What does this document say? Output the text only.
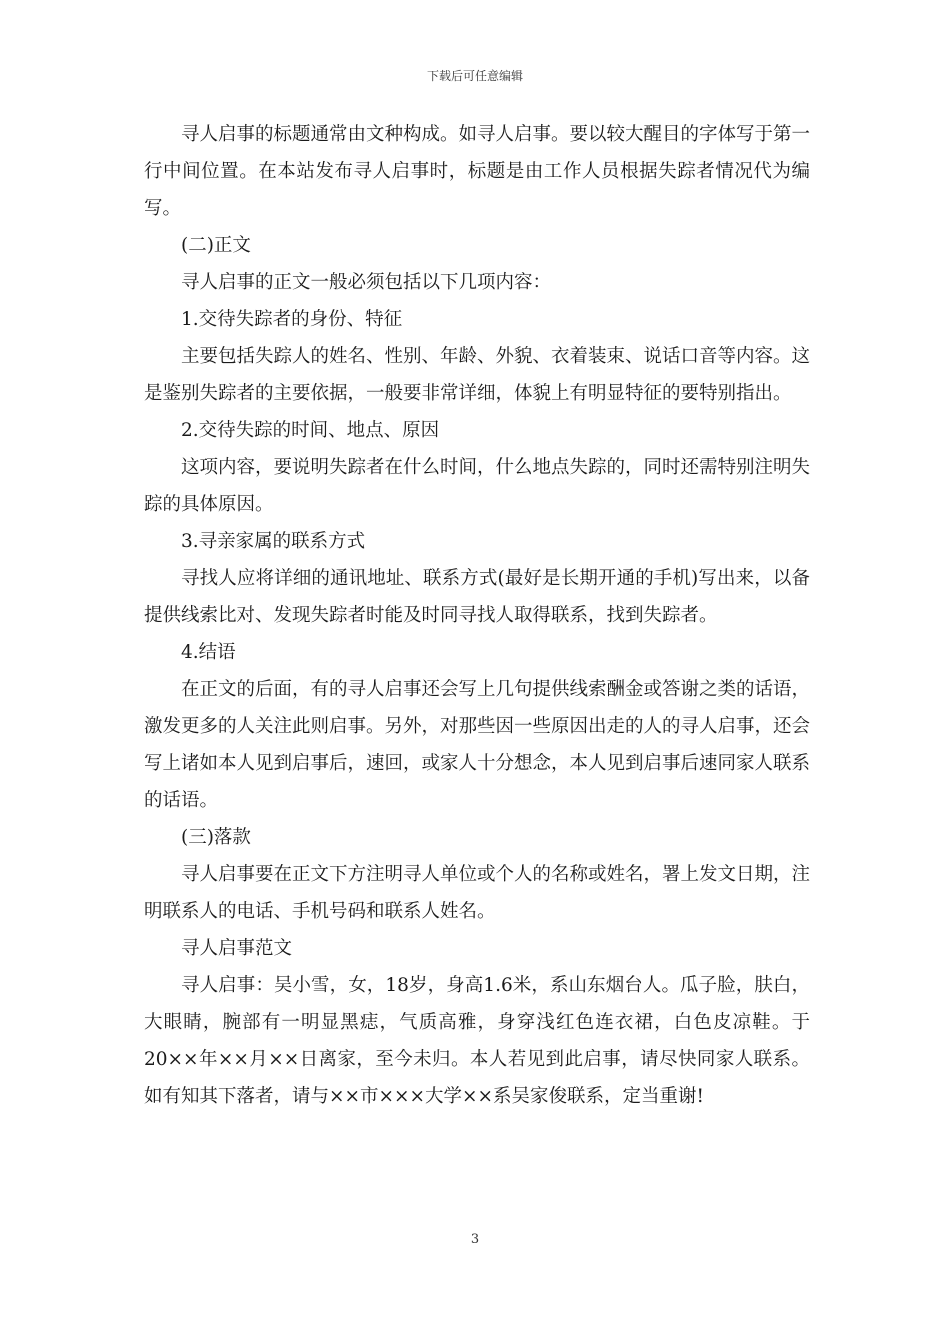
下载后可任意编辑

寻人启事的标题通常由文种构成。如寻人启事。要以较大醒目的字体写于第一行中间位置。在本站发布寻人启事时，标题是由工作人员根据失踪者情况代为编写。

(二)正文

寻人启事的正文一般必须包括以下几项内容：

1.交待失踪者的身份、特征

主要包括失踪人的姓名、性别、年龄、外貌、衣着装束、说话口音等内容。这是鉴别失踪者的主要依据，一般要非常详细，体貌上有明显特征的要特别指出。

2.交待失踪的时间、地点、原因

这项内容，要说明失踪者在什么时间，什么地点失踪的，同时还需特别注明失踪的具体原因。

3.寻亲家属的联系方式

寻找人应将详细的通讯地址、联系方式(最好是长期开通的手机)写出来，以备提供线索比对、发现失踪者时能及时同寻找人取得联系，找到失踪者。

4.结语

在正文的后面，有的寻人启事还会写上几句提供线索酬金或答谢之类的话语，激发更多的人关注此则启事。另外，对那些因一些原因出走的人的寻人启事，还会写上诸如本人见到启事后，速回，或家人十分想念，本人见到启事后速同家人联系的话语。

(三)落款

寻人启事要在正文下方注明寻人单位或个人的名称或姓名，署上发文日期，注明联系人的电话、手机号码和联系人姓名。

寻人启事范文

寻人启事：吴小雪，女，18岁，身高1.6米，系山东烟台人。瓜子脸，肤白，大眼睛，腕部有一明显黑痣，气质高雅，身穿浅红色连衣裙，白色皮凉鞋。于20××年××月××日离家，至今未归。本人若见到此启事，请尽快同家人联系。如有知其下落者，请与××市×××大学××系吴家俊联系，定当重谢!

3
